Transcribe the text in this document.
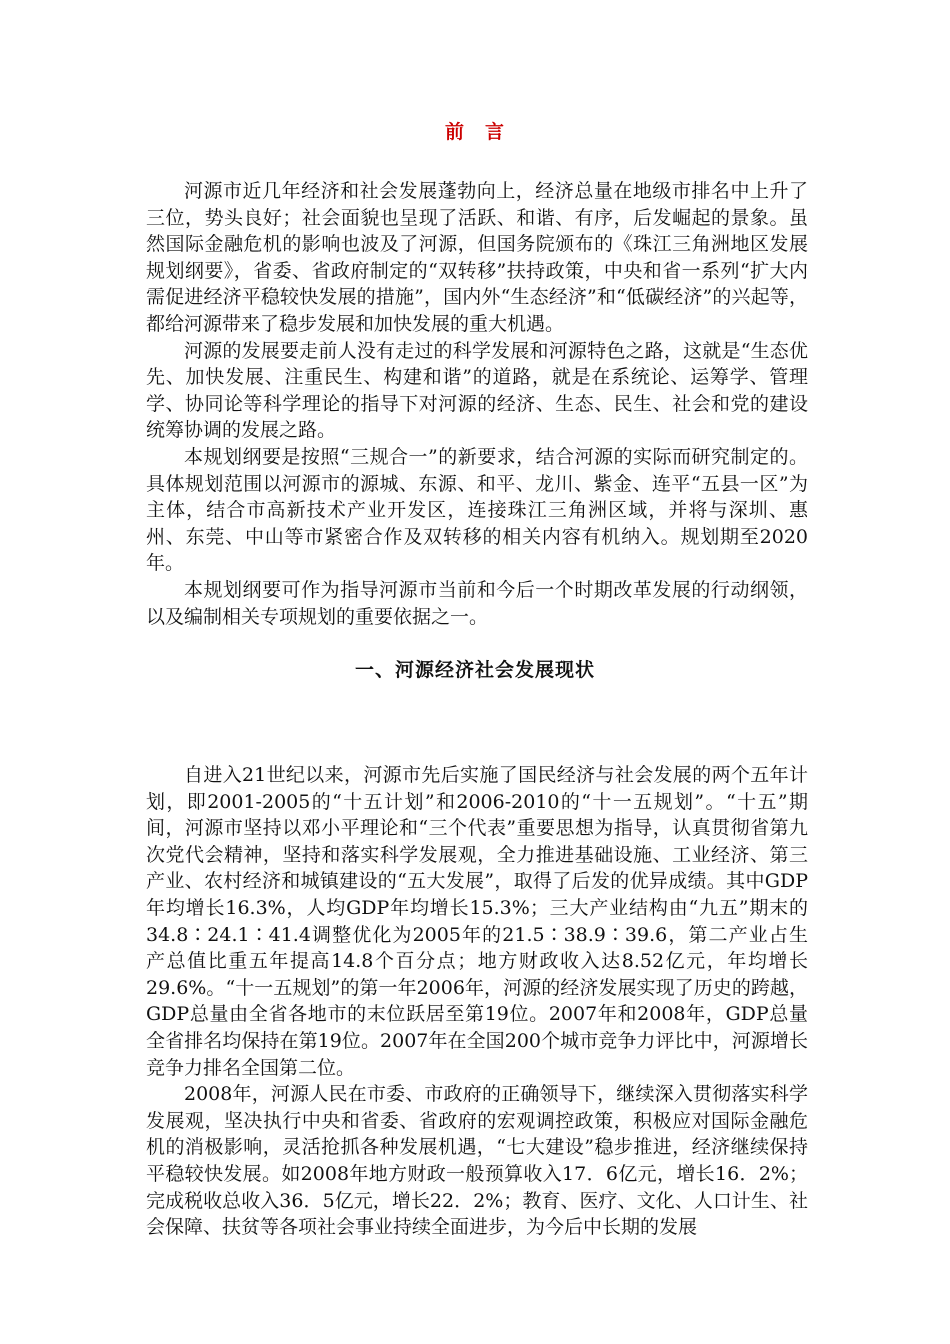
前　言

河源市近几年经济和社会发展蓬勃向上，经济总量在地级市排名中上升了三位，势头良好；社会面貌也呈现了活跃、和谐、有序，后发崛起的景象。虽然国际金融危机的影响也波及了河源，但国务院颁布的《珠江三角洲地区发展规划纲要》，省委、省政府制定的“双转移”扶持政策，中央和省一系列“扩大内需促进经济平稳较快发展的措施”，国内外“生态经济”和“低碳经济”的兴起等，都给河源带来了稳步发展和加快发展的重大机遇。

河源的发展要走前人没有走过的科学发展和河源特色之路，这就是“生态优先、加快发展、注重民生、构建和谐”的道路，就是在系统论、运筹学、管理学、协同论等科学理论的指导下对河源的经济、生态、民生、社会和党的建设统筹协调的发展之路。

本规划纲要是按照“三规合一”的新要求，结合河源的实际而研究制定的。具体规划范围以河源市的源城、东源、和平、龙川、紫金、连平“五县一区”为主体，结合市高新技术产业开发区，连接珠江三角洲区域，并将与深圳、惠州、东莞、中山等市紧密合作及双转移的相关内容有机纳入。规划期至2020年。

本规划纲要可作为指导河源市当前和今后一个时期改革发展的行动纲领，以及编制相关专项规划的重要依据之一。

一、河源经济社会发展现状

自进入21世纪以来，河源市先后实施了国民经济与社会发展的两个五年计划，即2001-2005的“十五计划”和2006-2010的“十一五规划”。“十五”期间，河源市坚持以邓小平理论和“三个代表”重要思想为指导，认真贯彻省第九次党代会精神，坚持和落实科学发展观，全力推进基础设施、工业经济、第三产业、农村经济和城镇建设的“五大发展”，取得了后发的优异成绩。其中GDP年均增长16.3%，人均GDP年均增长15.3%；三大产业结构由“九五”期末的34.8∶24.1∶41.4调整优化为2005年的21.5∶38.9∶39.6，第二产业占生产总值比重五年提高14.8个百分点；地方财政收入达8.52亿元，年均增长29.6%。“十一五规划”的第一年2006年，河源的经济发展实现了历史的跨越，GDP总量由全省各地市的末位跃居至第19位。2007年和2008年，GDP总量全省排名均保持在第19位。2007年在全国200个城市竞争力评比中，河源增长竞争力排名全国第二位。

2008年，河源人民在市委、市政府的正确领导下，继续深入贯彻落实科学发展观，坚决执行中央和省委、省政府的宏观调控政策，积极应对国际金融危机的消极影响，灵活抢抓各种发展机遇，“七大建设”稳步推进，经济继续保持平稳较快发展。如2008年地方财政一般预算收入17．6亿元，增长16．2%；完成税收总收入36．5亿元，增长22．2%；教育、医疗、文化、人口计生、社会保障、扶贫等各项社会事业持续全面进步，为今后中长期的发展
